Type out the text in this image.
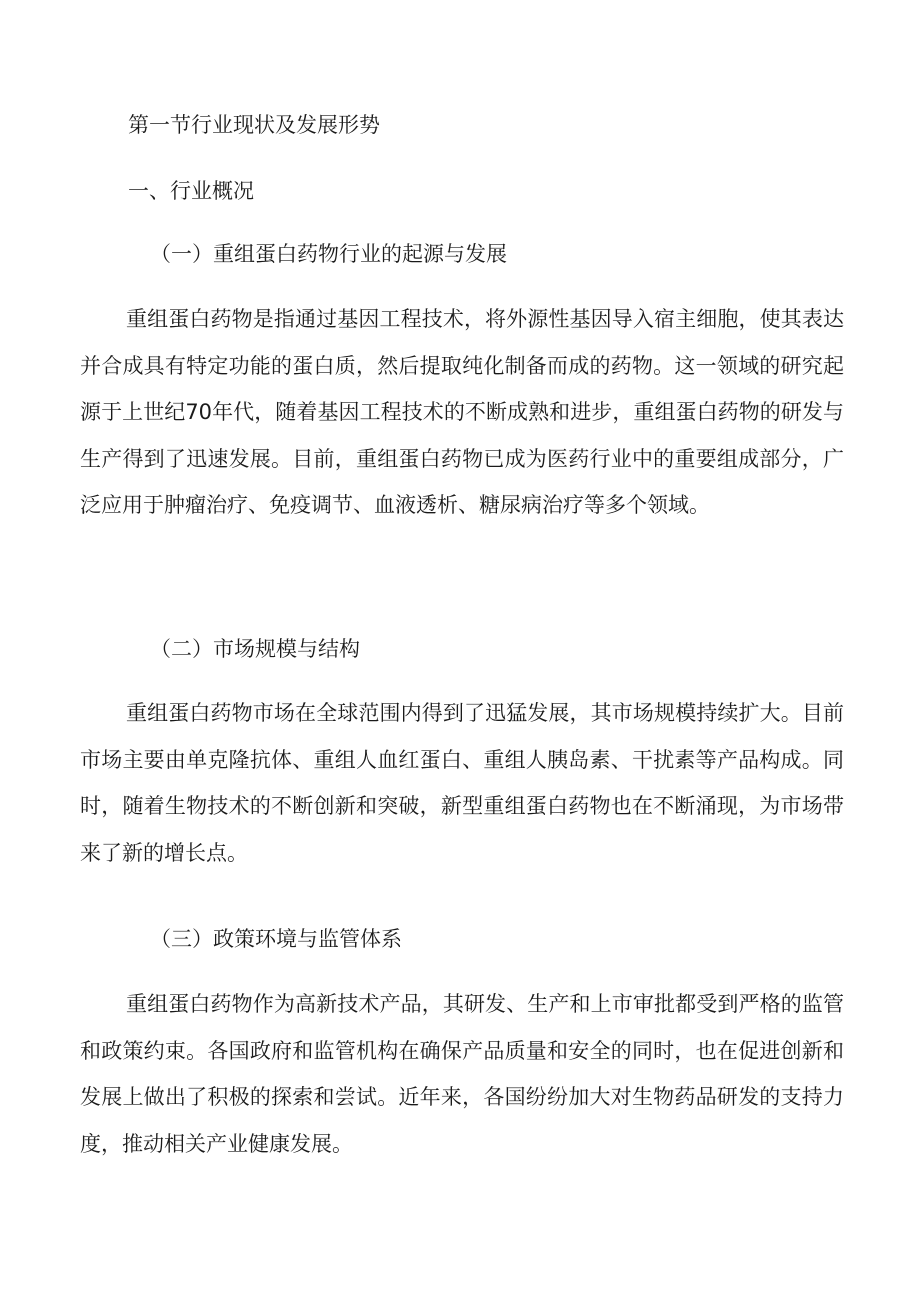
第一节行业现状及发展形势
一、行业概况
（一）重组蛋白药物行业的起源与发展

重组蛋白药物是指通过基因工程技术，将外源性基因导入宿主细胞，使其表达并合成具有特定功能的蛋白质，然后提取纯化制备而成的药物。这一领域的研究起源于上世纪70年代，随着基因工程技术的不断成熟和进步，重组蛋白药物的研发与生产得到了迅速发展。目前，重组蛋白药物已成为医药行业中的重要组成部分，广泛应用于肿瘤治疗、免疫调节、血液透析、糖尿病治疗等多个领域。

（二）市场规模与结构

重组蛋白药物市场在全球范围内得到了迅猛发展，其市场规模持续扩大。目前市场主要由单克隆抗体、重组人血红蛋白、重组人胰岛素、干扰素等产品构成。同时，随着生物技术的不断创新和突破，新型重组蛋白药物也在不断涌现，为市场带来了新的增长点。

（三）政策环境与监管体系

重组蛋白药物作为高新技术产品，其研发、生产和上市审批都受到严格的监管和政策约束。各国政府和监管机构在确保产品质量和安全的同时，也在促进创新和发展上做出了积极的探索和尝试。近年来，各国纷纷加大对生物药品研发的支持力度，推动相关产业健康发展。
